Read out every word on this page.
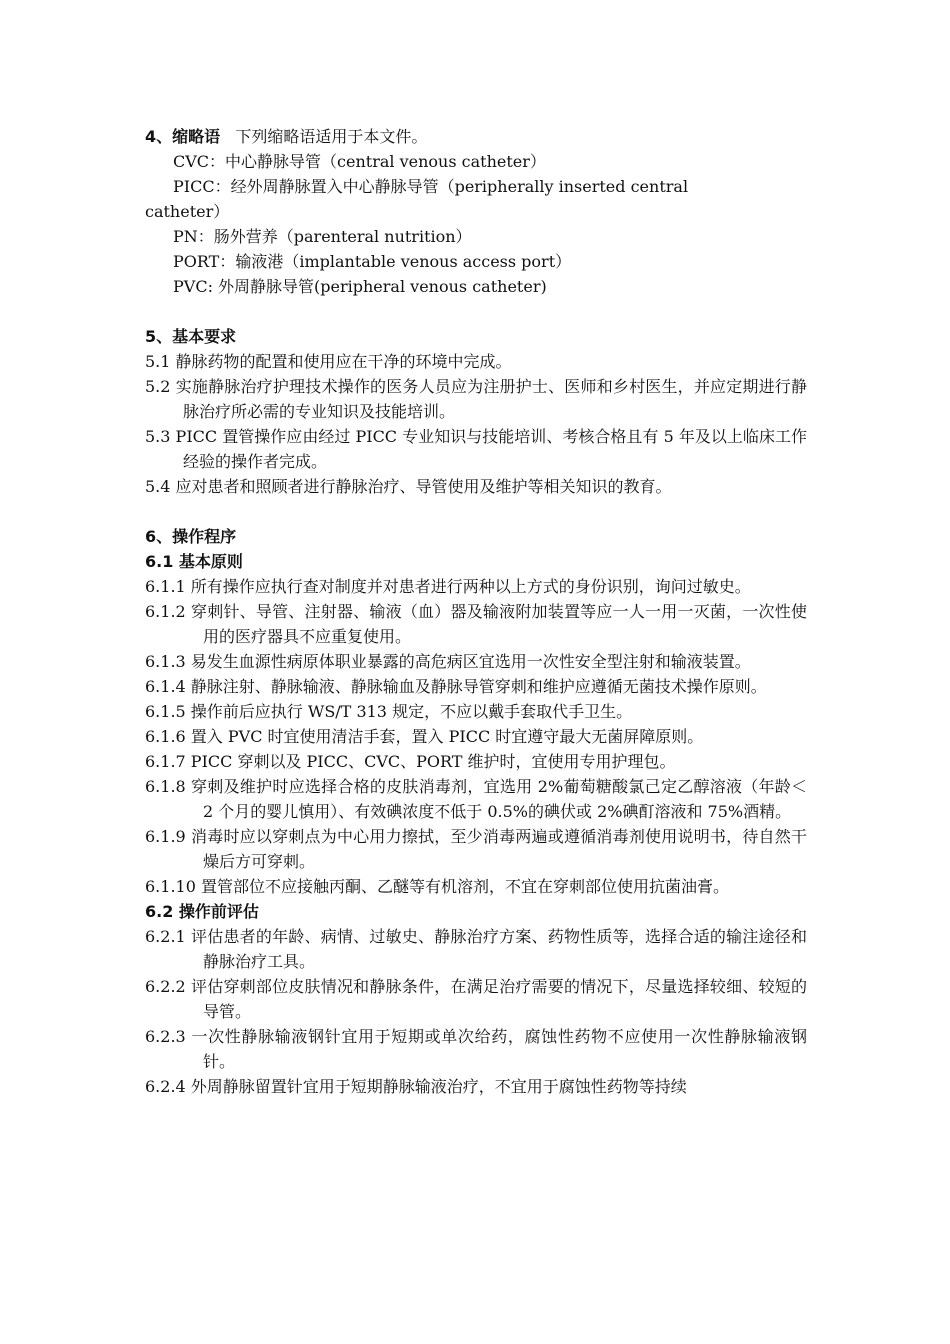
4、缩略语 下列缩略语适用于本文件。
CVC：中心静脉导管（central venous catheter）
PICC：经外周静脉置入中心静脉导管（peripherally inserted central
catheter）
PN：肠外营养（parenteral nutrition）
PORT：输液港（implantable venous access port）
PVC: 外周静脉导管(peripheral venous catheter)
5、基本要求
5.1 静脉药物的配置和使用应在干净的环境中完成。
5.2 实施静脉治疗护理技术操作的医务人员应为注册护士、医师和乡村医生，并应定期进行静脉治疗所必需的专业知识及技能培训。
5.3 PICC 置管操作应由经过 PICC 专业知识与技能培训、考核合格且有 5 年及以上临床工作经验的操作者完成。
5.4 应对患者和照顾者进行静脉治疗、导管使用及维护等相关知识的教育。
6、操作程序
6.1 基本原则
6.1.1 所有操作应执行查对制度并对患者进行两种以上方式的身份识别，询问过敏史。
6.1.2 穿刺针、导管、注射器、输液（血）器及输液附加装置等应一人一用一灭菌，一次性使用的医疗器具不应重复使用。
6.1.3 易发生血源性病原体职业暴露的高危病区宜选用一次性安全型注射和输液装置。
6.1.4 静脉注射、静脉输液、静脉输血及静脉导管穿刺和维护应遵循无菌技术操作原则。
6.1.5 操作前后应执行 WS/T 313 规定，不应以戴手套取代手卫生。
6.1.6 置入 PVC 时宜使用清洁手套，置入 PICC 时宜遵守最大无菌屏障原则。
6.1.7 PICC 穿刺以及 PICC、CVC、PORT 维护时，宜使用专用护理包。
6.1.8 穿刺及维护时应选择合格的皮肤消毒剂，宜选用 2%葡萄糖酸氯己定乙醇溶液（年龄＜2 个月的婴儿慎用）、有效碘浓度不低于 0.5%的碘伏或 2%碘酊溶液和 75%酒精。
6.1.9 消毒时应以穿刺点为中心用力擦拭，至少消毒两遍或遵循消毒剂使用说明书，待自然干燥后方可穿刺。
6.1.10 置管部位不应接触丙酮、乙醚等有机溶剂，不宜在穿刺部位使用抗菌油膏。
6.2 操作前评估
6.2.1 评估患者的年龄、病情、过敏史、静脉治疗方案、药物性质等，选择合适的输注途径和静脉治疗工具。
6.2.2 评估穿刺部位皮肤情况和静脉条件，在满足治疗需要的情况下，尽量选择较细、较短的导管。
6.2.3 一次性静脉输液钢针宜用于短期或单次给药，腐蚀性药物不应使用一次性静脉输液钢针。
6.2.4 外周静脉留置针宜用于短期静脉输液治疗，不宜用于腐蚀性药物等持续
